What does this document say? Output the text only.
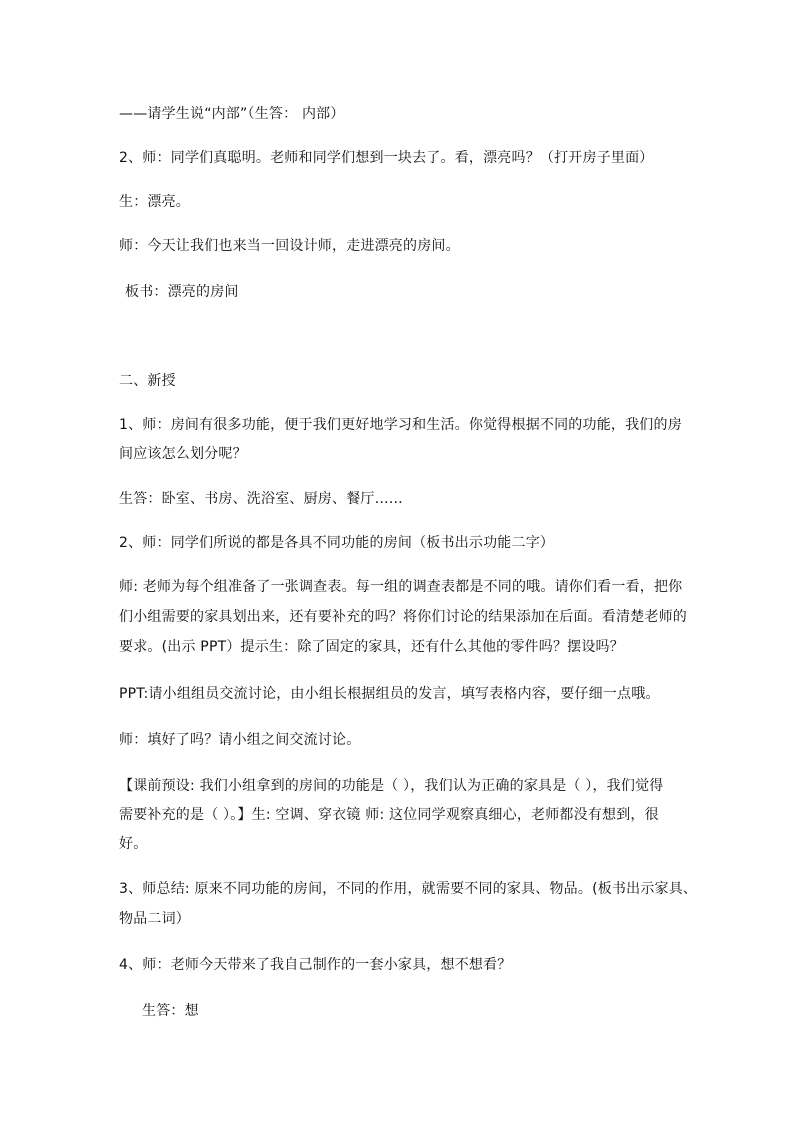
——请学生说“内部”（生答： 内部）
2、师：同学们真聪明。老师和同学们想到一块去了。看，漂亮吗？（打开房子里面）
生：漂亮。
师：今天让我们也来当一回设计师，走进漂亮的房间。
板书：漂亮的房间
二、新授
1、师：房间有很多功能，便于我们更好地学习和生活。你觉得根据不同的功能，我们的房
间应该怎么划分呢？
生答：卧室、书房、洗浴室、厨房、餐厅……
2、师：同学们所说的都是各具不同功能的房间（板书出示功能二字）
师: 老师为每个组准备了一张调查表。每一组的调查表都是不同的哦。请你们看一看，把你
们小组需要的家具划出来，还有要补充的吗？将你们讨论的结果添加在后面。看清楚老师的
要求。(出示 PPT）提示生：除了固定的家具，还有什么其他的零件吗？摆设吗？
PPT:请小组组员交流讨论，由小组长根据组员的发言，填写表格内容，要仔细一点哦。
师：填好了吗？请小组之间交流讨论。
【课前预设: 我们小组拿到的房间的功能是（ ），我们认为正确的家具是（ ），我们觉得
需要补充的是（ ）。】生: 空调、穿衣镜 师: 这位同学观察真细心，老师都没有想到，很
好。
3、师总结: 原来不同功能的房间，不同的作用，就需要不同的家具、物品。(板书出示家具、
物品二词）
4、师：老师今天带来了我自己制作的一套小家具，想不想看？
生答：想
